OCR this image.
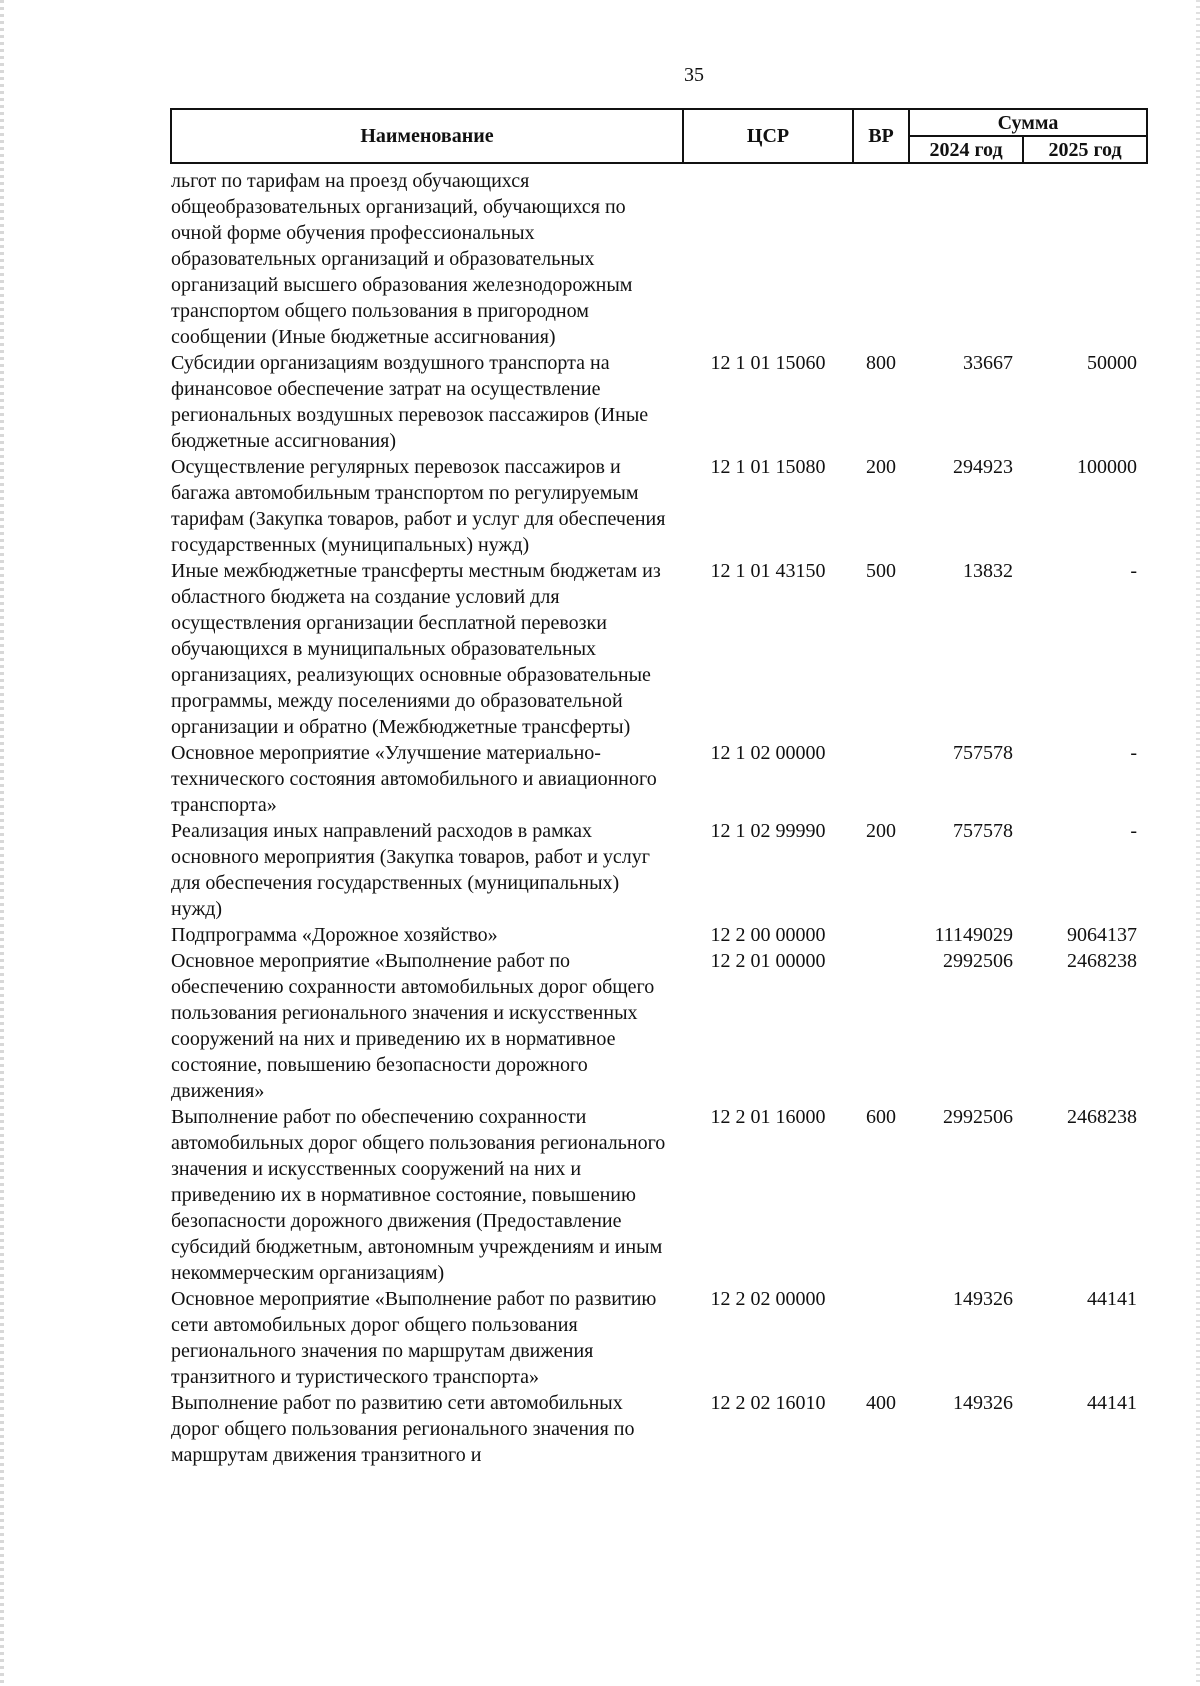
35
Наименование	ЦСР	ВР	Сумма	
			2024 год	2025 год
льгот по тарифам на проезд обучающихся общеобразовательных организаций, обучающихся по очной форме обучения профессиональных образовательных организаций и образовательных организаций высшего образования железнодорожным транспортом общего пользования в пригородном сообщении (Иные бюджетные ассигнования)				
Субсидии организациям воздушного транспорта на финансовое обеспечение затрат на осуществление региональных воздушных перевозок пассажиров (Иные бюджетные ассигнования)	12 1 01 15060	800	33667	50000
Осуществление регулярных перевозок пассажиров и багажа автомобильным транспортом по регулируемым тарифам (Закупка товаров, работ и услуг для обеспечения государственных (муниципальных) нужд)	12 1 01 15080	200	294923	100000
Иные межбюджетные трансферты местным бюджетам из областного бюджета на создание условий для осуществления организации бесплатной перевозки обучающихся в муниципальных образовательных организациях, реализующих основные образовательные программы, между поселениями до образовательной организации и обратно (Межбюджетные трансферты)	12 1 01 43150	500	13832	-
Основное мероприятие «Улучшение материально-технического состояния автомобильного и авиационного транспорта»	12 1 02 00000		757578	-
Реализация иных направлений расходов в рамках основного мероприятия (Закупка товаров, работ и услуг для обеспечения государственных (муниципальных) нужд)	12 1 02 99990	200	757578	-
Подпрограмма «Дорожное хозяйство»	12 2 00 00000		11149029	9064137
Основное мероприятие «Выполнение работ по обеспечению сохранности автомобильных дорог общего пользования регионального значения и искусственных сооружений на них и приведению их в нормативное состояние, повышению безопасности дорожного движения»	12 2 01 00000		2992506	2468238
Выполнение работ по обеспечению сохранности автомобильных дорог общего пользования регионального значения и искусственных сооружений на них и приведению их в нормативное состояние, повышению безопасности дорожного движения (Предоставление субсидий бюджетным, автономным учреждениям и иным некоммерческим организациям)	12 2 01 16000	600	2992506	2468238
Основное мероприятие «Выполнение работ по развитию сети автомобильных дорог общего пользования регионального значения по маршрутам движения транзитного и туристического транспорта»	12 2 02 00000		149326	44141
Выполнение работ по развитию сети автомобильных дорог общего пользования регионального значения по маршрутам движения транзитного и	12 2 02 16010	400	149326	44141
